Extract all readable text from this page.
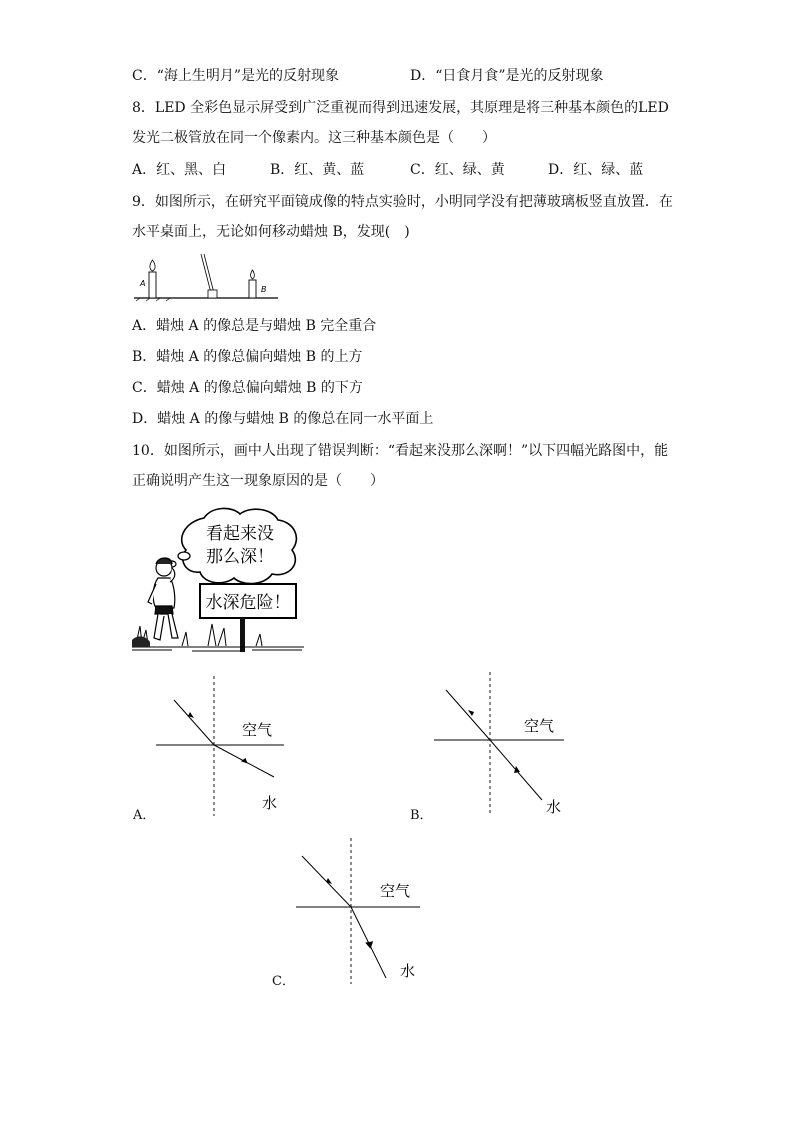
C．“海上生明月”是光的反射现象	D．“日食月食”是光的反射现象
8．LED 全彩色显示屏受到广泛重视而得到迅速发展，其原理是将三种基本颜色的LED
发光二极管放在同一个像素内。这三种基本颜色是（　　）
A．红、黑、白	B．红、黄、蓝	C．红、绿、黄	D．红、绿、蓝
9．如图所示，在研究平面镜成像的特点实验时，小明同学没有把薄玻璃板竖直放置．在
水平桌面上，无论如何移动蜡烛 B，发现(　)
A
B
A．蜡烛 A 的像总是与蜡烛 B 完全重合
B．蜡烛 A 的像总偏向蜡烛 B 的上方
C．蜡烛 A 的像总偏向蜡烛 B 的下方
D．蜡烛 A 的像与蜡烛 B 的像总在同一水平面上
10．如图所示，画中人出现了错误判断：“看起来没那么深啊！”以下四幅光路图中，能
正确说明产生这一现象原因的是（　　）
看起来没
那么深！
水深危险！
空气
水
A．
空气
水
B．
空气
水
C．
